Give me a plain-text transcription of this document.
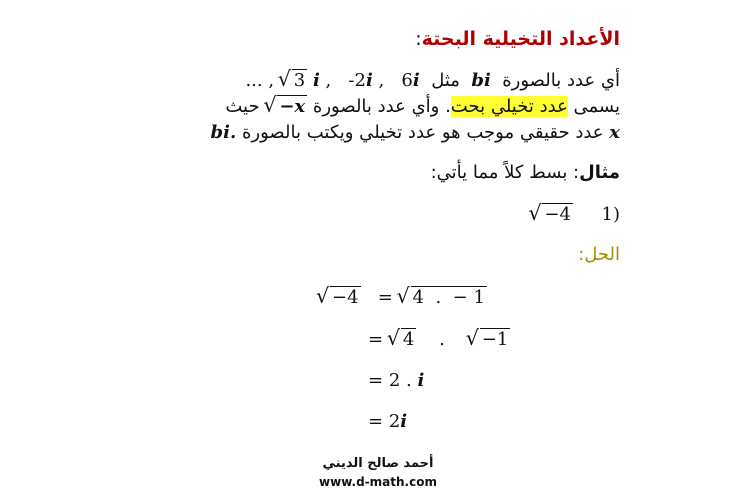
الأعداد التخيلية البحتة:
... , √ 3 i ,   -2i ,   6i مثل bi أي عدد بالصورة
حيث √ −x . وأي عدد بالصورةعدد تخيلي بحت يسمى
bi. عدد حقيقي موجب هو عدد تخيلي ويكتب بالصورة x
مثال: بسط كلاً مما يأتي:
√ −4 1)
الحل:
√ −4 = √ 4 . − 1
= √ 4 . √ −1
= 2 . i
= 2i
أحمد صالح الديني
www.d-math.com
